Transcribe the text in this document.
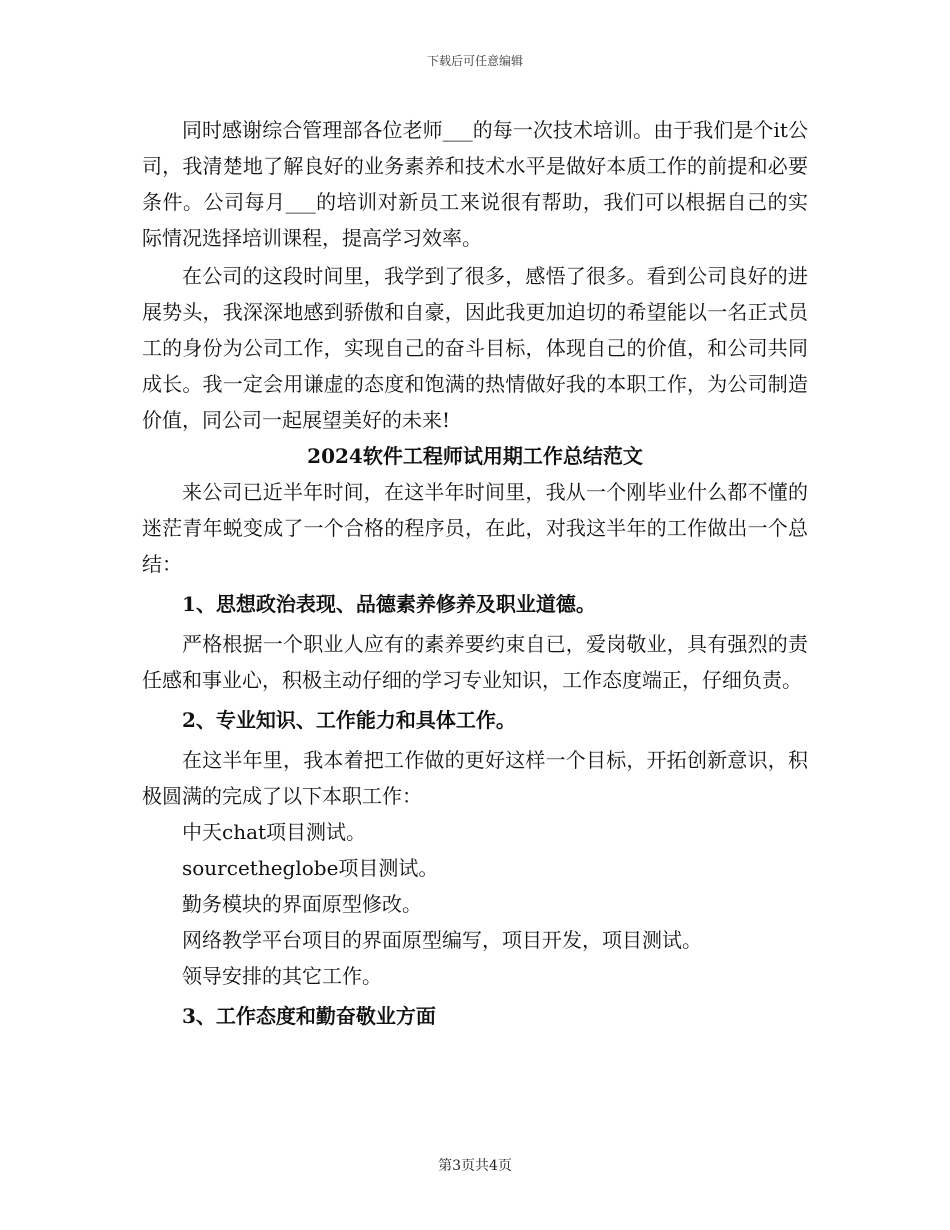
下载后可任意编辑

同时感谢综合管理部各位老师___的每一次技术培训。由于我们是个it公司，我清楚地了解良好的业务素养和技术水平是做好本质工作的前提和必要条件。公司每月___的培训对新员工来说很有帮助，我们可以根据自己的实际情况选择培训课程，提高学习效率。

在公司的这段时间里，我学到了很多，感悟了很多。看到公司良好的进展势头，我深深地感到骄傲和自豪，因此我更加迫切的希望能以一名正式员工的身份为公司工作，实现自己的奋斗目标，体现自己的价值，和公司共同成长。我一定会用谦虚的态度和饱满的热情做好我的本职工作，为公司制造价值，同公司一起展望美好的未来!

2024软件工程师试用期工作总结范文

来公司已近半年时间，在这半年时间里，我从一个刚毕业什么都不懂的迷茫青年蜕变成了一个合格的程序员，在此，对我这半年的工作做出一个总结：

1、思想政治表现、品德素养修养及职业道德。

严格根据一个职业人应有的素养要约束自已，爱岗敬业，具有强烈的责任感和事业心，积极主动仔细的学习专业知识，工作态度端正，仔细负责。

2、专业知识、工作能力和具体工作。

在这半年里，我本着把工作做的更好这样一个目标，开拓创新意识，积极圆满的完成了以下本职工作：

中天chat项目测试。

sourcetheglobe项目测试。

勤务模块的界面原型修改。

网络教学平台项目的界面原型编写，项目开发，项目测试。

领导安排的其它工作。

3、工作态度和勤奋敬业方面

第3页共4页
